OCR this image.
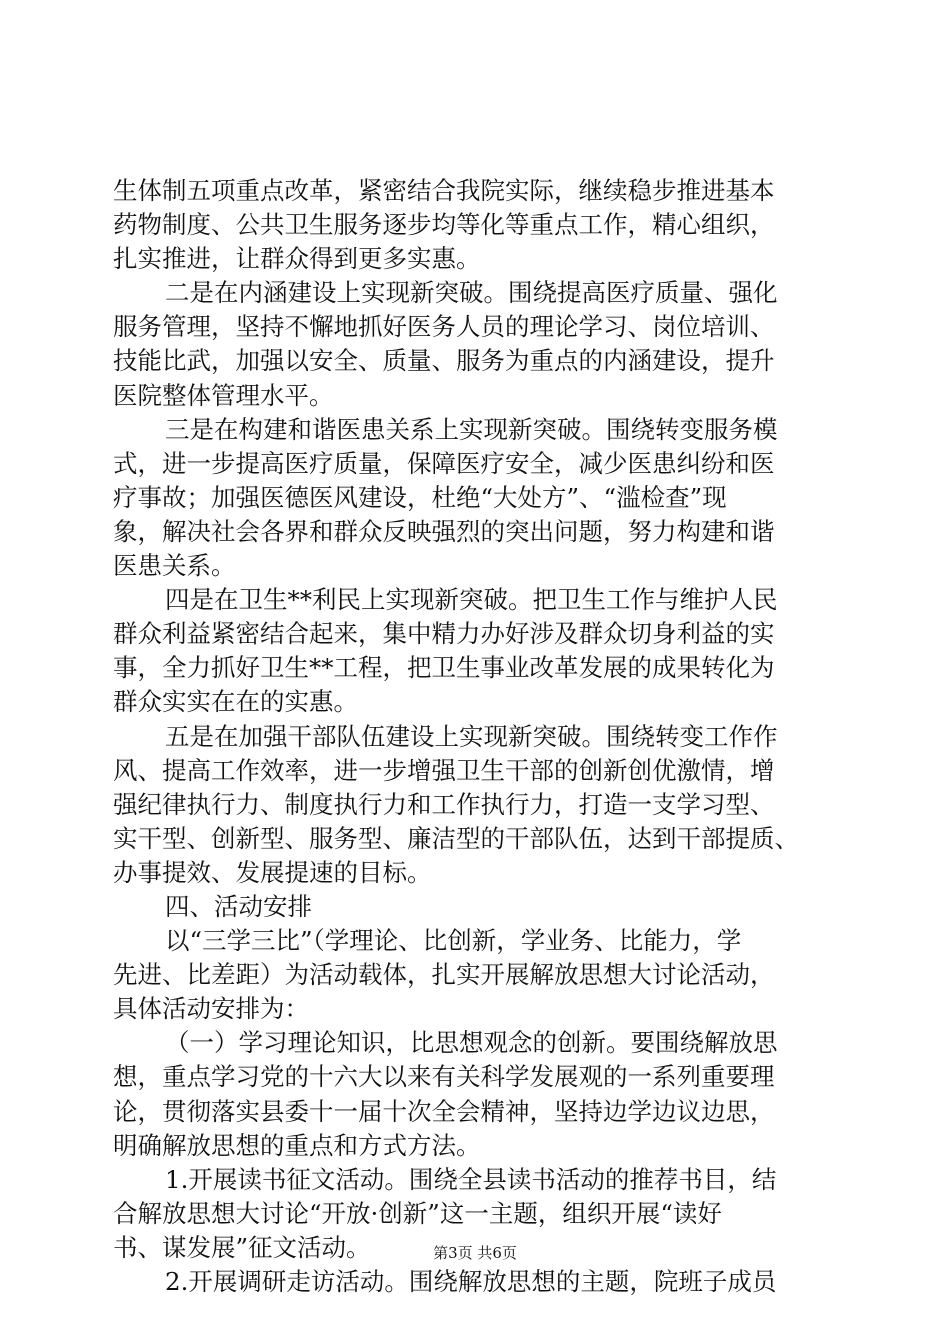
生体制五项重点改革，紧密结合我院实际，继续稳步推进基本
药物制度、公共卫生服务逐步均等化等重点工作，精心组织，
扎实推进，让群众得到更多实惠。
二是在内涵建设上实现新突破。围绕提高医疗质量、强化
服务管理，坚持不懈地抓好医务人员的理论学习、岗位培训、
技能比武，加强以安全、质量、服务为重点的内涵建设，提升
医院整体管理水平。
三是在构建和谐医患关系上实现新突破。围绕转变服务模
式，进一步提高医疗质量，保障医疗安全，减少医患纠纷和医
疗事故；加强医德医风建设，杜绝“大处方”、“滥检查”现
象，解决社会各界和群众反映强烈的突出问题，努力构建和谐
医患关系。
四是在卫生**利民上实现新突破。把卫生工作与维护人民
群众利益紧密结合起来，集中精力办好涉及群众切身利益的实
事，全力抓好卫生**工程，把卫生事业改革发展的成果转化为
群众实实在在的实惠。
五是在加强干部队伍建设上实现新突破。围绕转变工作作
风、提高工作效率，进一步增强卫生干部的创新创优激情，增
强纪律执行力、制度执行力和工作执行力，打造一支学习型、
实干型、创新型、服务型、廉洁型的干部队伍，达到干部提质、
办事提效、发展提速的目标。
四、活动安排
以“三学三比”（学理论、比创新，学业务、比能力，学
先进、比差距）为活动载体，扎实开展解放思想大讨论活动，
具体活动安排为：
（一）学习理论知识，比思想观念的创新。要围绕解放思
想，重点学习党的十六大以来有关科学发展观的一系列重要理
论，贯彻落实县委十一届十次全会精神，坚持边学边议边思，
明确解放思想的重点和方式方法。
1.开展读书征文活动。围绕全县读书活动的推荐书目，结
合解放思想大讨论“开放·创新”这一主题，组织开展“读好
书、谋发展”征文活动。
2.开展调研走访活动。围绕解放思想的主题，院班子成员
第3页 共6页
